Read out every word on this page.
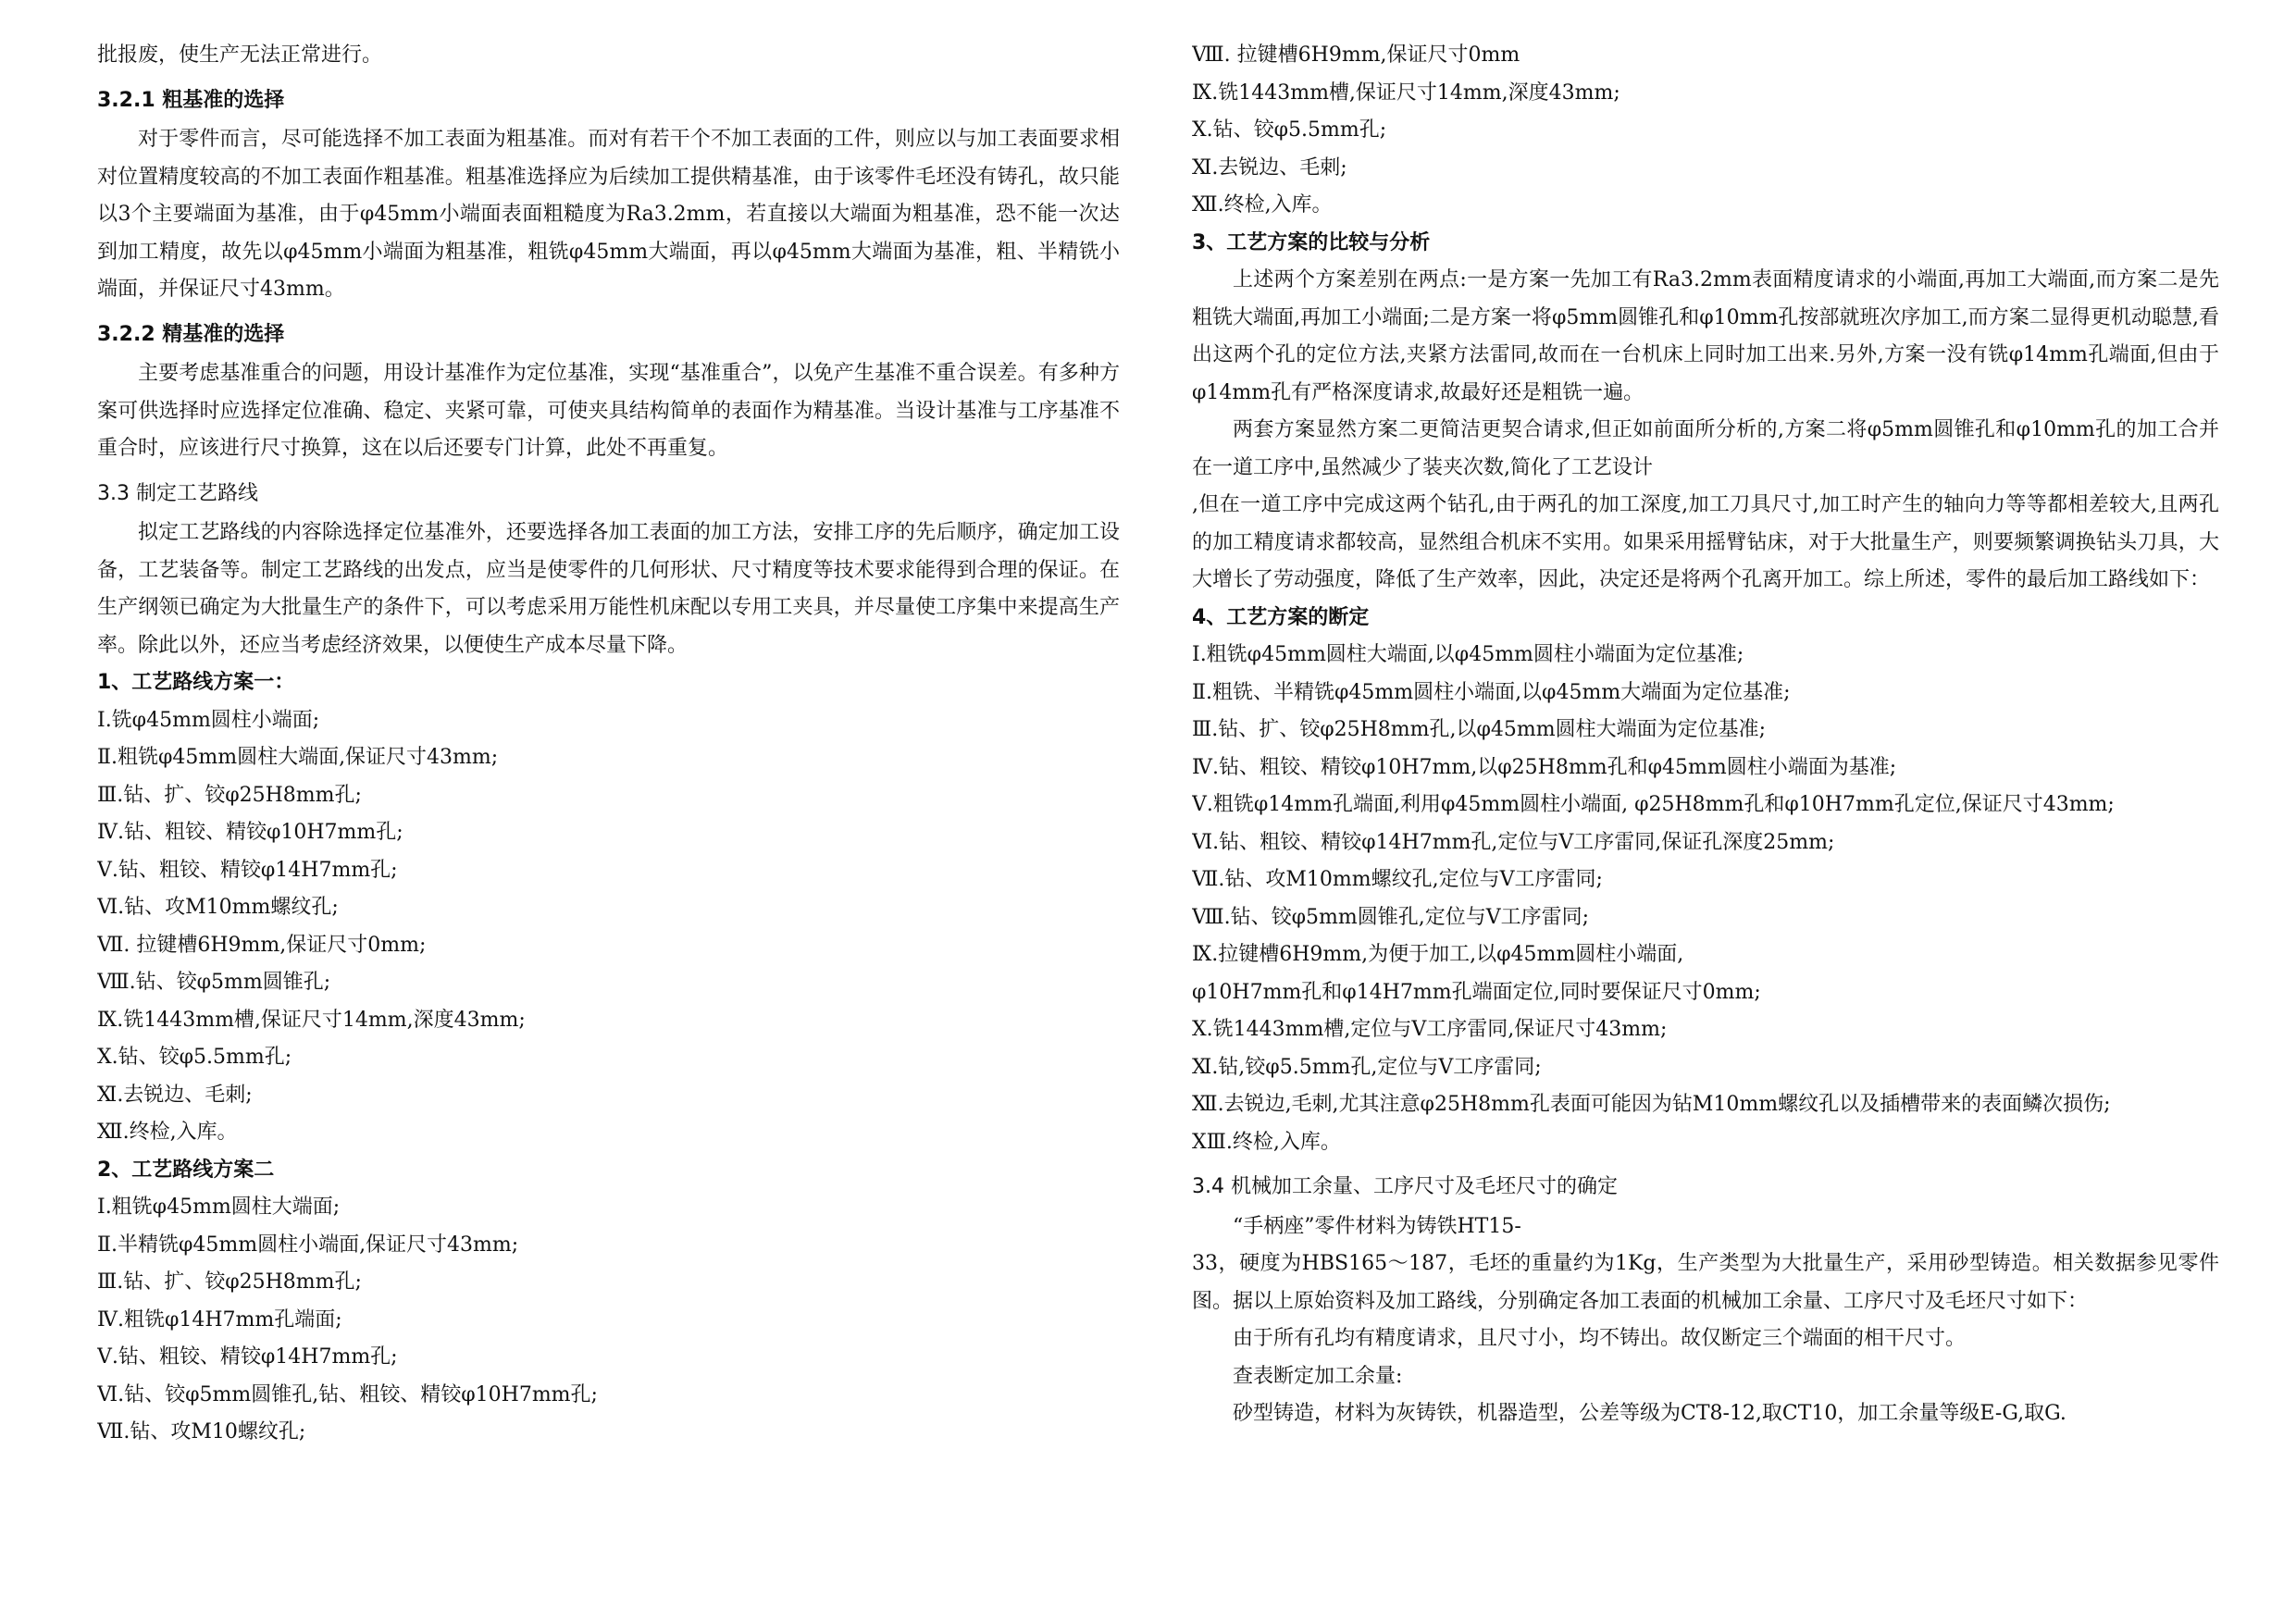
批报废，使生产无法正常进行。
3.2.1 粗基准的选择

对于零件而言，尽可能选择不加工表面为粗基准。而对有若干个不加工表面的工件，则应以与加工表面要求相对位置精度较高的不加工表面作粗基准。粗基准选择应为后续加工提供精基准，由于该零件毛坯没有铸孔，故只能以3个主要端面为基准，由于φ45mm小端面表面粗糙度为Ra3.2mm，若直接以大端面为粗基准，恐不能一次达到加工精度，故先以φ45mm小端面为粗基准，粗铣φ45mm大端面，再以φ45mm大端面为基准，粗、半精铣小端面，并保证尺寸43mm。

3.2.2 精基准的选择

主要考虑基准重合的问题，用设计基准作为定位基准，实现“基准重合”，以免产生基准不重合误差。有多种方案可供选择时应选择定位准确、稳定、夹紧可靠，可使夹具结构简单的表面作为精基准。当设计基准与工序基准不重合时，应该进行尺寸换算，这在以后还要专门计算，此处不再重复。

3.3 制定工艺路线

拟定工艺路线的内容除选择定位基准外，还要选择各加工表面的加工方法，安排工序的先后顺序，确定加工设备，工艺装备等。制定工艺路线的出发点，应当是使零件的几何形状、尺寸精度等技术要求能得到合理的保证。在生产纲领已确定为大批量生产的条件下，可以考虑采用万能性机床配以专用工夹具，并尽量使工序集中来提高生产率。除此以外，还应当考虑经济效果，以便使生产成本尽量下降。

1、工艺路线方案一：
Ⅰ.铣φ45mm圆柱小端面;
Ⅱ.粗铣φ45mm圆柱大端面,保证尺寸43mm;
Ⅲ.钻、扩、铰φ25H8mm孔;
Ⅳ.钻、粗铰、精铰φ10H7mm孔;
Ⅴ.钻、粗铰、精铰φ14H7mm孔;
Ⅵ.钻、攻M10mm螺纹孔;
Ⅶ. 拉键槽6H9mm,保证尺寸0mm;
Ⅷ.钻、铰φ5mm圆锥孔;
Ⅸ.铣1443mm槽,保证尺寸14mm,深度43mm;
Ⅹ.钻、铰φ5.5mm孔;
Ⅺ.去锐边、毛刺;
Ⅻ.终检,入库。
2、工艺路线方案二
Ⅰ.粗铣φ45mm圆柱大端面;
Ⅱ.半精铣φ45mm圆柱小端面,保证尺寸43mm;
Ⅲ.钻、扩、铰φ25H8mm孔;
Ⅳ.粗铣φ14H7mm孔端面;
Ⅴ.钻、粗铰、精铰φ14H7mm孔;
Ⅵ.钻、铰φ5mm圆锥孔,钻、粗铰、精铰φ10H7mm孔;
Ⅶ.钻、攻M10螺纹孔;
Ⅷ. 拉键槽6H9mm,保证尺寸0mm
Ⅸ.铣1443mm槽,保证尺寸14mm,深度43mm;
Ⅹ.钻、铰φ5.5mm孔;
Ⅺ.去锐边、毛刺;
Ⅻ.终检,入库。
3、工艺方案的比较与分析

上述两个方案差别在两点:一是方案一先加工有Ra3.2mm表面精度请求的小端面,再加工大端面,而方案二是先粗铣大端面,再加工小端面;二是方案一将φ5mm圆锥孔和φ10mm孔按部就班次序加工,而方案二显得更机动聪慧,看出这两个孔的定位方法,夹紧方法雷同,故而在一台机床上同时加工出来.另外,方案一没有铣φ14mm孔端面,但由于φ14mm孔有严格深度请求,故最好还是粗铣一遍。

两套方案显然方案二更简洁更契合请求,但正如前面所分析的,方案二将φ5mm圆锥孔和φ10mm孔的加工合并在一道工序中,虽然减少了装夹次数,简化了工艺设计

,但在一道工序中完成这两个钻孔,由于两孔的加工深度,加工刀具尺寸,加工时产生的轴向力等等都相差较大,且两孔的加工精度请求都较高，显然组合机床不实用。如果采用摇臂钻床，对于大批量生产，则要频繁调换钻头刀具，大大增长了劳动强度，降低了生产效率，因此，决定还是将两个孔离开加工。综上所述，零件的最后加工路线如下：

4、工艺方案的断定
Ⅰ.粗铣φ45mm圆柱大端面,以φ45mm圆柱小端面为定位基准;
Ⅱ.粗铣、半精铣φ45mm圆柱小端面,以φ45mm大端面为定位基准;
Ⅲ.钻、扩、铰φ25H8mm孔,以φ45mm圆柱大端面为定位基准;
Ⅳ.钻、粗铰、精铰φ10H7mm,以φ25H8mm孔和φ45mm圆柱小端面为基准;
Ⅴ.粗铣φ14mm孔端面,利用φ45mm圆柱小端面, φ25H8mm孔和φ10H7mm孔定位,保证尺寸43mm;
Ⅵ.钻、粗铰、精铰φ14H7mm孔,定位与Ⅴ工序雷同,保证孔深度25mm;
Ⅶ.钻、攻M10mm螺纹孔,定位与Ⅴ工序雷同;
Ⅷ.钻、铰φ5mm圆锥孔,定位与Ⅴ工序雷同;
Ⅸ.拉键槽6H9mm,为便于加工,以φ45mm圆柱小端面,
φ10H7mm孔和φ14H7mm孔端面定位,同时要保证尺寸0mm;
Ⅹ.铣1443mm槽,定位与Ⅴ工序雷同,保证尺寸43mm;
Ⅺ.钻,铰φ5.5mm孔,定位与Ⅴ工序雷同;
Ⅻ.去锐边,毛刺,尤其注意φ25H8mm孔表面可能因为钻M10mm螺纹孔以及插槽带来的表面鳞次损伤;
ⅩⅢ.终检,入库。
3.4 机械加工余量、工序尺寸及毛坯尺寸的确定
“手柄座”零件材料为铸铁HT15-

33，硬度为HBS165～187，毛坯的重量约为1Kg，生产类型为大批量生产，采用砂型铸造。相关数据参见零件图。据以上原始资料及加工路线，分别确定各加工表面的机械加工余量、工序尺寸及毛坯尺寸如下：

由于所有孔均有精度请求，且尺寸小，均不铸出。故仅断定三个端面的相干尺寸。
查表断定加工余量:
砂型铸造，材料为灰铸铁，机器造型，公差等级为CT8-12,取CT10，加工余量等级E-G,取G.
